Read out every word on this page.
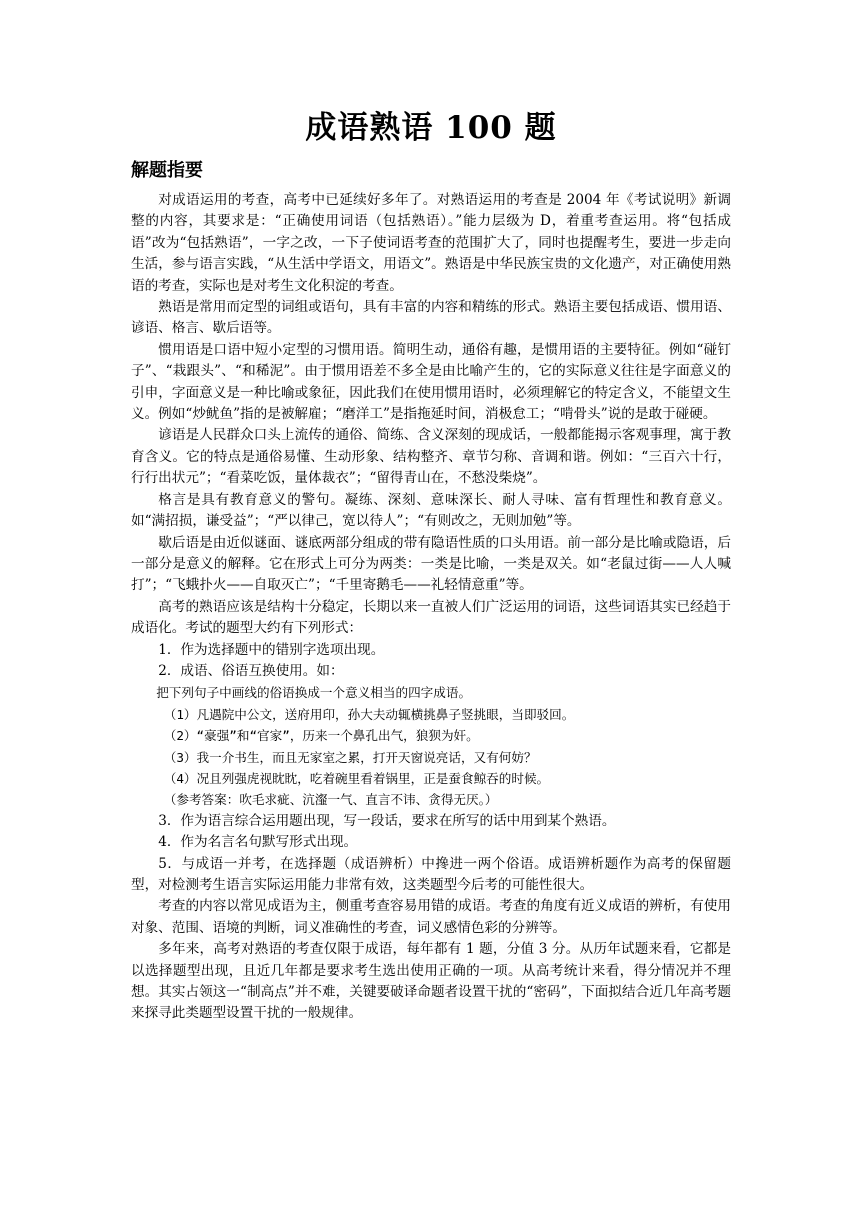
成语熟语 100 题
解题指要

对成语运用的考查，高考中已延续好多年了。对熟语运用的考查是 2004 年《考试说明》新调整的内容，其要求是：“正确使用词语（包括熟语）。”能力层级为 D，着重考查运用。将“包括成语”改为“包括熟语”，一字之改，一下子使词语考查的范围扩大了，同时也提醒考生，要进一步走向生活，参与语言实践，“从生活中学语文，用语文”。熟语是中华民族宝贵的文化遗产，对正确使用熟语的考查，实际也是对考生文化积淀的考查。

熟语是常用而定型的词组或语句，具有丰富的内容和精练的形式。熟语主要包括成语、惯用语、谚语、格言、歇后语等。

惯用语是口语中短小定型的习惯用语。简明生动，通俗有趣，是惯用语的主要特征。例如“碰钉子”、“栽跟头”、“和稀泥”。由于惯用语差不多全是由比喻产生的，它的实际意义往往是字面意义的引申，字面意义是一种比喻或象征，因此我们在使用惯用语时，必须理解它的特定含义，不能望文生义。例如“炒鱿鱼”指的是被解雇；“磨洋工”是指拖延时间，消极怠工；“啃骨头”说的是敢于碰硬。

谚语是人民群众口头上流传的通俗、简练、含义深刻的现成话，一般都能揭示客观事理，寓于教育含义。它的特点是通俗易懂、生动形象、结构整齐、章节匀称、音调和谐。例如：“三百六十行，行行出状元”；“看菜吃饭，量体裁衣”；“留得青山在，不愁没柴烧”。

格言是具有教育意义的警句。凝练、深刻、意味深长、耐人寻味、富有哲理性和教育意义。如“满招损，谦受益”；“严以律己，宽以待人”；“有则改之，无则加勉”等。

歇后语是由近似谜面、谜底两部分组成的带有隐语性质的口头用语。前一部分是比喻或隐语，后一部分是意义的解释。它在形式上可分为两类：一类是比喻，一类是双关。如“老鼠过街——人人喊打”；“飞蛾扑火——自取灭亡”；“千里寄鹅毛——礼轻情意重”等。

高考的熟语应该是结构十分稳定，长期以来一直被人们广泛运用的词语，这些词语其实已经趋于成语化。考试的题型大约有下列形式：

1．作为选择题中的错别字选项出现。

2．成语、俗语互换使用。如：

把下列句子中画线的俗语换成一个意义相当的四字成语。

（1）凡遇院中公文，送府用印，孙大夫动辄横挑鼻子竖挑眼，当即驳回。

（2）“豪强”和“官家”，历来一个鼻孔出气，狼狈为奸。

（3）我一介书生，而且无家室之累，打开天窗说亮话，又有何妨？

（4）况且列强虎视眈眈，吃着碗里看着锅里，正是蚕食鲸吞的时候。

（参考答案：吹毛求疵、沆瀣一气、直言不讳、贪得无厌。）

3．作为语言综合运用题出现，写一段话，要求在所写的话中用到某个熟语。

4．作为名言名句默写形式出现。

5．与成语一并考，在选择题（成语辨析）中搀进一两个俗语。成语辨析题作为高考的保留题型，对检测考生语言实际运用能力非常有效，这类题型今后考的可能性很大。

考查的内容以常见成语为主，侧重考查容易用错的成语。考查的角度有近义成语的辨析，有使用对象、范围、语境的判断，词义准确性的考查，词义感情色彩的分辨等。

多年来，高考对熟语的考查仅限于成语，每年都有 1 题，分值 3 分。从历年试题来看，它都是以选择题型出现，且近几年都是要求考生选出使用正确的一项。从高考统计来看，得分情况并不理想。其实占领这一“制高点”并不难，关键要破译命题者设置干扰的“密码”，下面拟结合近几年高考题来探寻此类题型设置干扰的一般规律。
